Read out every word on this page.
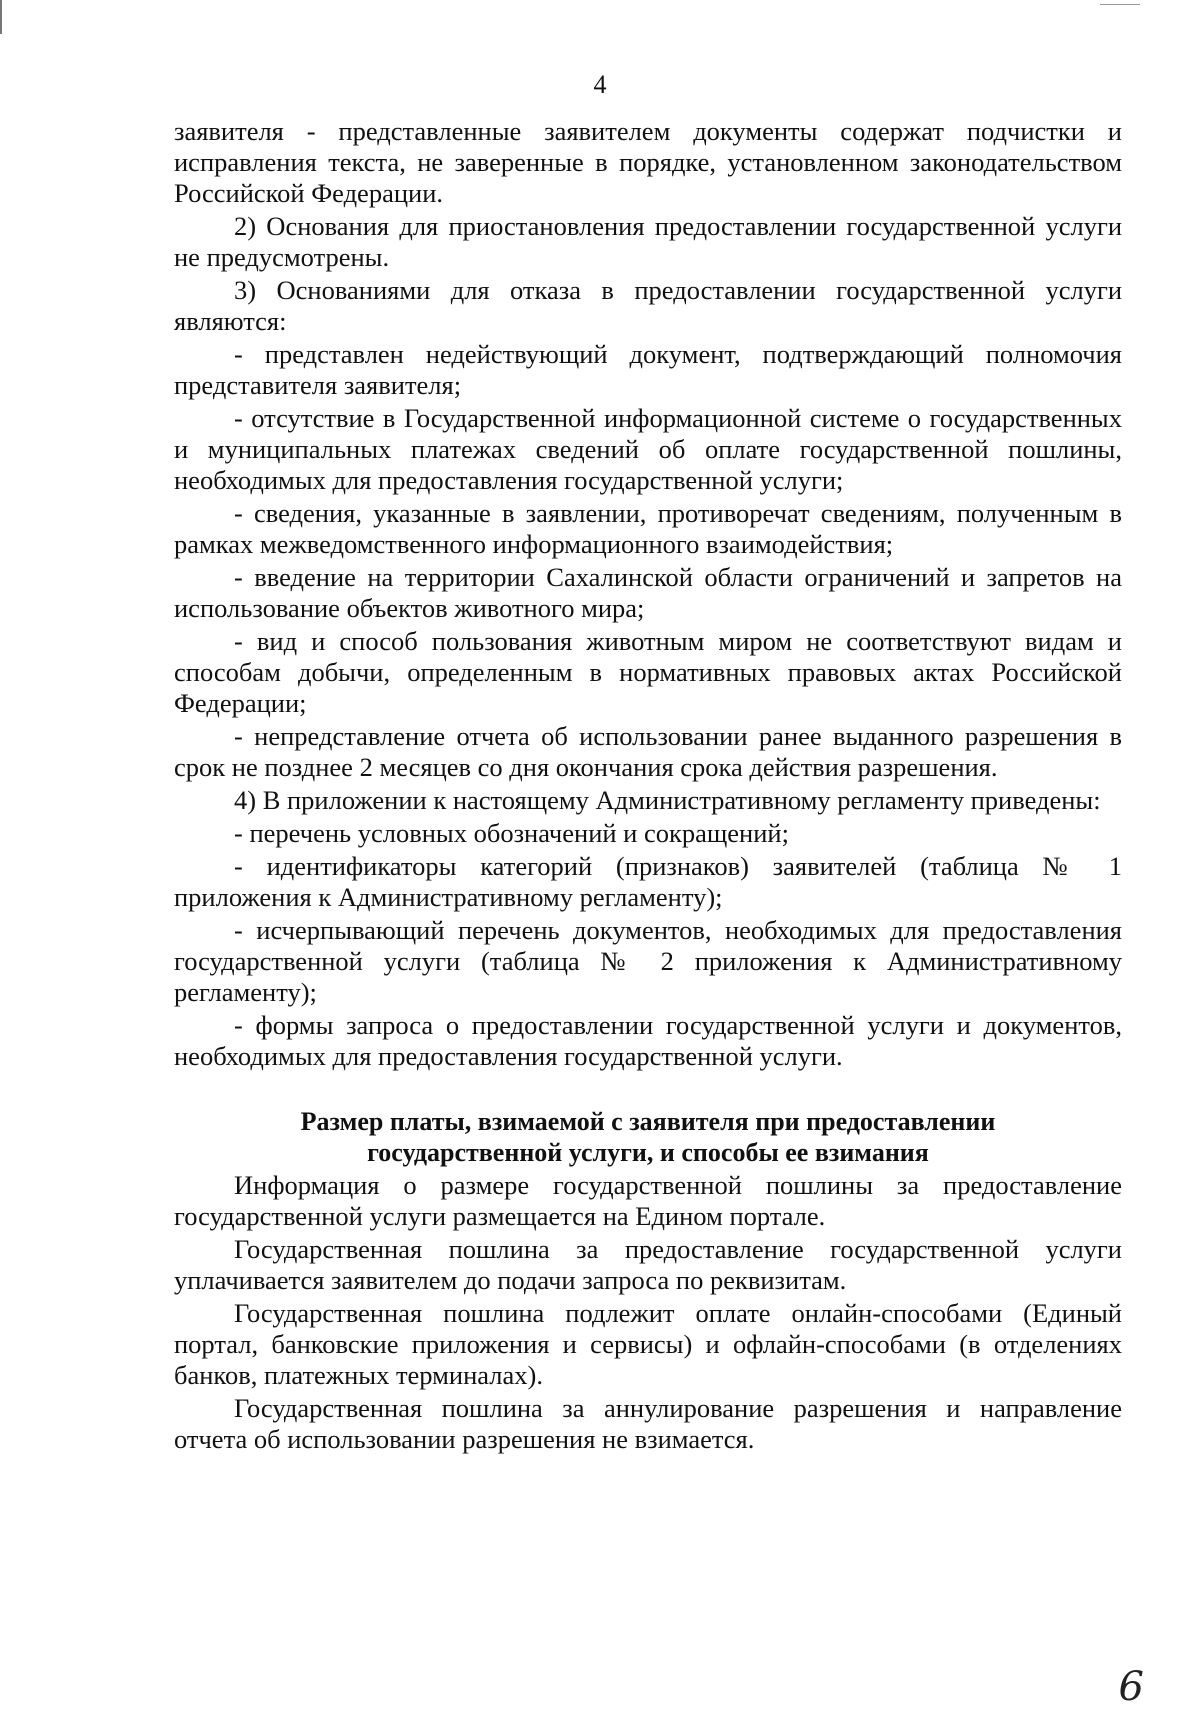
4

заявителя - представленные заявителем документы содержат подчистки и исправления текста, не заверенные в порядке, установленном законодательством Российской Федерации.

2) Основания для приостановления предоставлении государственной услуги не предусмотрены.

3) Основаниями для отказа в предоставлении государственной услуги являются:

- представлен недействующий документ, подтверждающий полномочия представителя заявителя;

- отсутствие в Государственной информационной системе о государственных и муниципальных платежах сведений об оплате государственной пошлины, необходимых для предоставления государственной услуги;

- сведения, указанные в заявлении, противоречат сведениям, полученным в рамках межведомственного информационного взаимодействия;

- введение на территории Сахалинской области ограничений и запретов на использование объектов животного мира;

- вид и способ пользования животным миром не соответствуют видам и способам добычи, определенным в нормативных правовых актах Российской Федерации;

- непредставление отчета об использовании ранее выданного разрешения в срок не позднее 2 месяцев со дня окончания срока действия разрешения.

4) В приложении к настоящему Административному регламенту приведены:

- перечень условных обозначений и сокращений;

- идентификаторы категорий (признаков) заявителей (таблица № 1 приложения к Административному регламенту);

- исчерпывающий перечень документов, необходимых для предоставления государственной услуги (таблица № 2 приложения к Административному регламенту);

- формы запроса о предоставлении государственной услуги и документов, необходимых для предоставления государственной услуги.

Размер платы, взимаемой с заявителя при предоставлении
государственной услуги, и способы ее взимания

Информация о размере государственной пошлины за предоставление государственной услуги размещается на Едином портале.

Государственная пошлина за предоставление государственной услуги уплачивается заявителем до подачи запроса по реквизитам.

Государственная пошлина подлежит оплате онлайн-способами (Единый портал, банковские приложения и сервисы) и офлайн-способами (в отделениях банков, платежных терминалах).

Государственная пошлина за аннулирование разрешения и направление отчета об использовании разрешения не взимается.

6
